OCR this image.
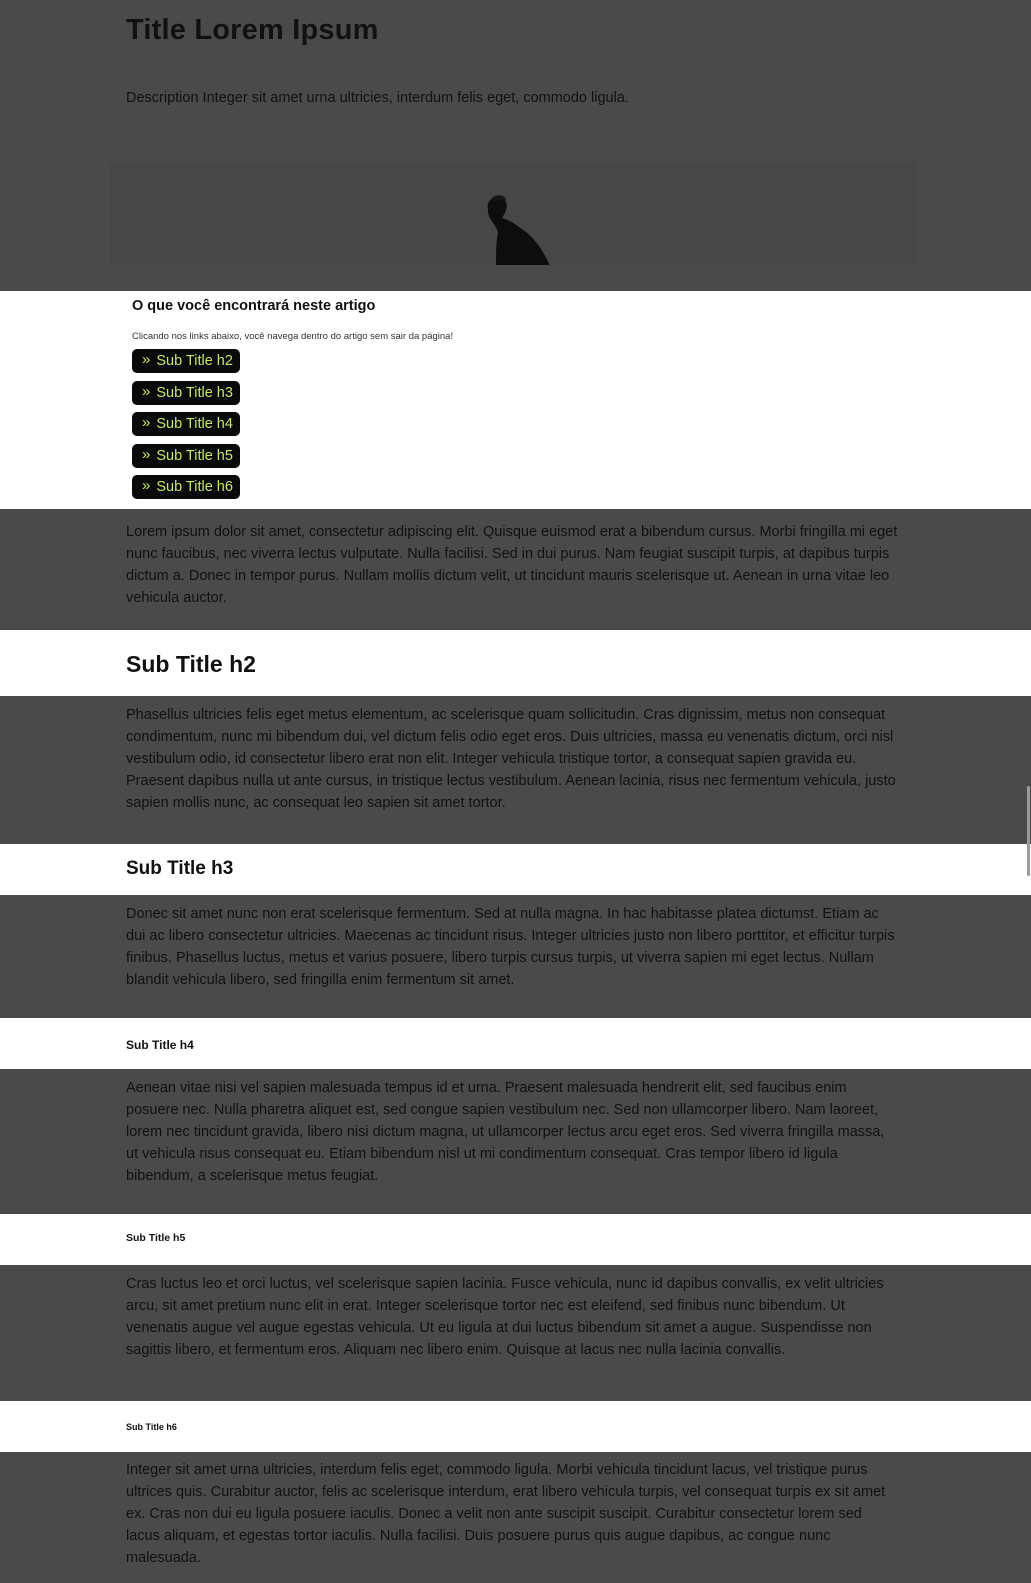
Title Lorem Ipsum

Description Integer sit amet urna ultricies, interdum felis eget, commodo ligula.

O que você encontrará neste artigo

Clicando nos links abaixo, você navega dentro do artigo sem sair da página!

» Sub Title h2
» Sub Title h3
» Sub Title h4
» Sub Title h5
» Sub Title h6

Lorem ipsum dolor sit amet, consectetur adipiscing elit. Quisque euismod erat a bibendum cursus. Morbi fringilla mi eget nunc faucibus, nec viverra lectus vulputate. Nulla facilisi. Sed in dui purus. Nam feugiat suscipit turpis, at dapibus turpis dictum a. Donec in tempor purus. Nullam mollis dictum velit, ut tincidunt mauris scelerisque ut. Aenean in urna vitae leo vehicula auctor.

Sub Title h2

Phasellus ultricies felis eget metus elementum, ac scelerisque quam sollicitudin. Cras dignissim, metus non consequat condimentum, nunc mi bibendum dui, vel dictum felis odio eget eros. Duis ultricies, massa eu venenatis dictum, orci nisl vestibulum odio, id consectetur libero erat non elit. Integer vehicula tristique tortor, a consequat sapien gravida eu. Praesent dapibus nulla ut ante cursus, in tristique lectus vestibulum. Aenean lacinia, risus nec fermentum vehicula, justo sapien mollis nunc, ac consequat leo sapien sit amet tortor.

Sub Title h3

Donec sit amet nunc non erat scelerisque fermentum. Sed at nulla magna. In hac habitasse platea dictumst. Etiam ac dui ac libero consectetur ultricies. Maecenas ac tincidunt risus. Integer ultricies justo non libero porttitor, et efficitur turpis finibus. Phasellus luctus, metus et varius posuere, libero turpis cursus turpis, ut viverra sapien mi eget lectus. Nullam blandit vehicula libero, sed fringilla enim fermentum sit amet.

Sub Title h4

Aenean vitae nisi vel sapien malesuada tempus id et urna. Praesent malesuada hendrerit elit, sed faucibus enim posuere nec. Nulla pharetra aliquet est, sed congue sapien vestibulum nec. Sed non ullamcorper libero. Nam laoreet, lorem nec tincidunt gravida, libero nisi dictum magna, ut ullamcorper lectus arcu eget eros. Sed viverra fringilla massa, ut vehicula risus consequat eu. Etiam bibendum nisl ut mi condimentum consequat. Cras tempor libero id ligula bibendum, a scelerisque metus feugiat.

Sub Title h5

Cras luctus leo et orci luctus, vel scelerisque sapien lacinia. Fusce vehicula, nunc id dapibus convallis, ex velit ultricies arcu, sit amet pretium nunc elit in erat. Integer scelerisque tortor nec est eleifend, sed finibus nunc bibendum. Ut venenatis augue vel augue egestas vehicula. Ut eu ligula at dui luctus bibendum sit amet a augue. Suspendisse non sagittis libero, et fermentum eros. Aliquam nec libero enim. Quisque at lacus nec nulla lacinia convallis.

Sub Title h6

Integer sit amet urna ultricies, interdum felis eget, commodo ligula. Morbi vehicula tincidunt lacus, vel tristique purus ultrices quis. Curabitur auctor, felis ac scelerisque interdum, erat libero vehicula turpis, vel consequat turpis ex sit amet ex. Cras non dui eu ligula posuere iaculis. Donec a velit non ante suscipit suscipit. Curabitur consectetur lorem sed lacus aliquam, et egestas tortor iaculis. Nulla facilisi. Duis posuere purus quis augue dapibus, ac congue nunc malesuada.
